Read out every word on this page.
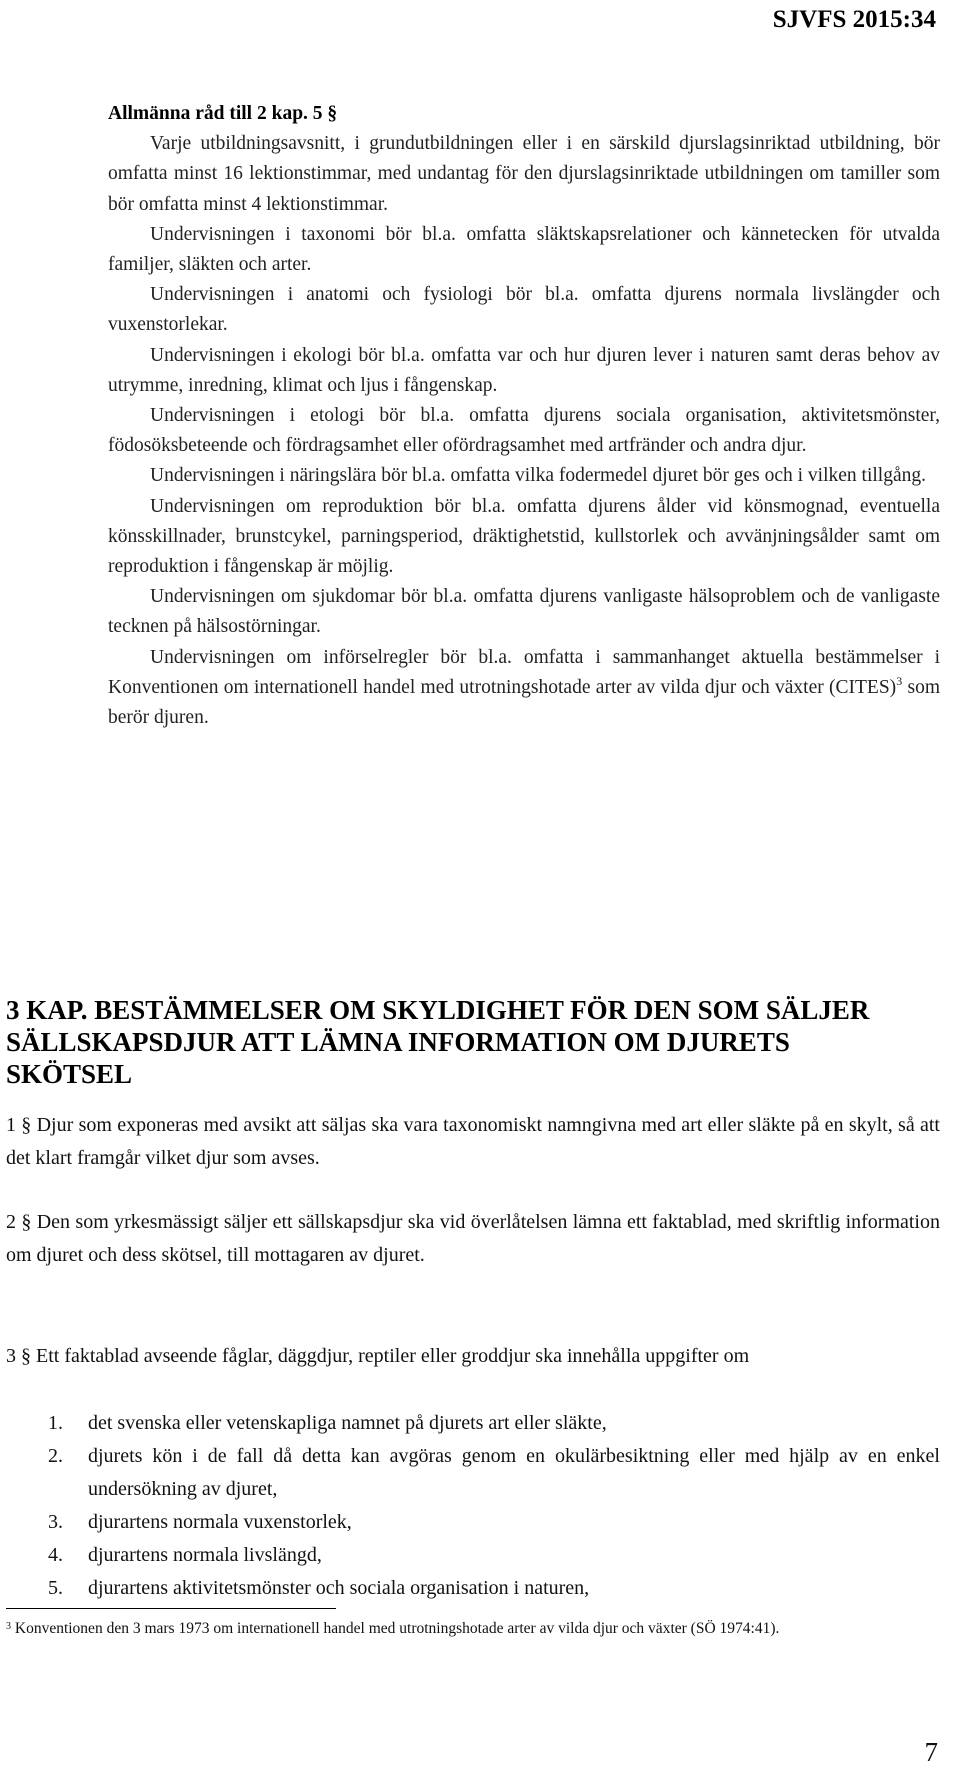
SJVFS 2015:34
Allmänna råd till 2 kap. 5 §

Varje utbildningsavsnitt, i grundutbildningen eller i en särskild djurslagsinriktad utbildning, bör omfatta minst 16 lektionstimmar, med undantag för den djurslagsinriktade utbildningen om tamiller som bör omfatta minst 4 lektionstimmar.

Undervisningen i taxonomi bör bl.a. omfatta släktskapsrelationer och kännetecken för utvalda familjer, släkten och arter.

Undervisningen i anatomi och fysiologi bör bl.a. omfatta djurens normala livslängder och vuxenstorlekar.

Undervisningen i ekologi bör bl.a. omfatta var och hur djuren lever i naturen samt deras behov av utrymme, inredning, klimat och ljus i fångenskap.

Undervisningen i etologi bör bl.a. omfatta djurens sociala organisation, aktivitetsmönster, födosöksbeteende och fördragsamhet eller ofördragsamhet med artfränder och andra djur.

Undervisningen i näringslära bör bl.a. omfatta vilka fodermedel djuret bör ges och i vilken tillgång.

Undervisningen om reproduktion bör bl.a. omfatta djurens ålder vid könsmognad, eventuella könsskillnader, brunstcykel, parningsperiod, dräktighetstid, kullstorlek och avvänjningsålder samt om reproduktion i fångenskap är möjlig.

Undervisningen om sjukdomar bör bl.a. omfatta djurens vanligaste hälsoproblem och de vanligaste tecknen på hälsostörningar.

Undervisningen om införselregler bör bl.a. omfatta i sammanhanget aktuella bestämmelser i Konventionen om internationell handel med utrotningshotade arter av vilda djur och växter (CITES)$^3$ som berör djuren.

3 KAP. BESTÄMMELSER OM SKYLDIGHET FÖR DEN SOM SÄLJER SÄLLSKAPSDJUR ATT LÄMNA INFORMATION OM DJURETS SKÖTSEL

1 § Djur som exponeras med avsikt att säljas ska vara taxonomiskt namngivna med art eller släkte på en skylt, så att det klart framgår vilket djur som avses.

2 § Den som yrkesmässigt säljer ett sällskapsdjur ska vid överlåtelsen lämna ett faktablad, med skriftlig information om djuret och dess skötsel, till mottagaren av djuret.

3 § Ett faktablad avseende fåglar, däggdjur, reptiler eller groddjur ska innehålla uppgifter om

1. det svenska eller vetenskapliga namnet på djurets art eller släkte,
2. djurets kön i de fall då detta kan avgöras genom en okulärbesiktning eller med hjälp av en enkel undersökning av djuret,
3. djurartens normala vuxenstorlek,
4. djurartens normala livslängd,
5. djurartens aktivitetsmönster och sociala organisation i naturen,
$^3$ Konventionen den 3 mars 1973 om internationell handel med utrotningshotade arter av vilda djur och växter (SÖ 1974:41).
7
